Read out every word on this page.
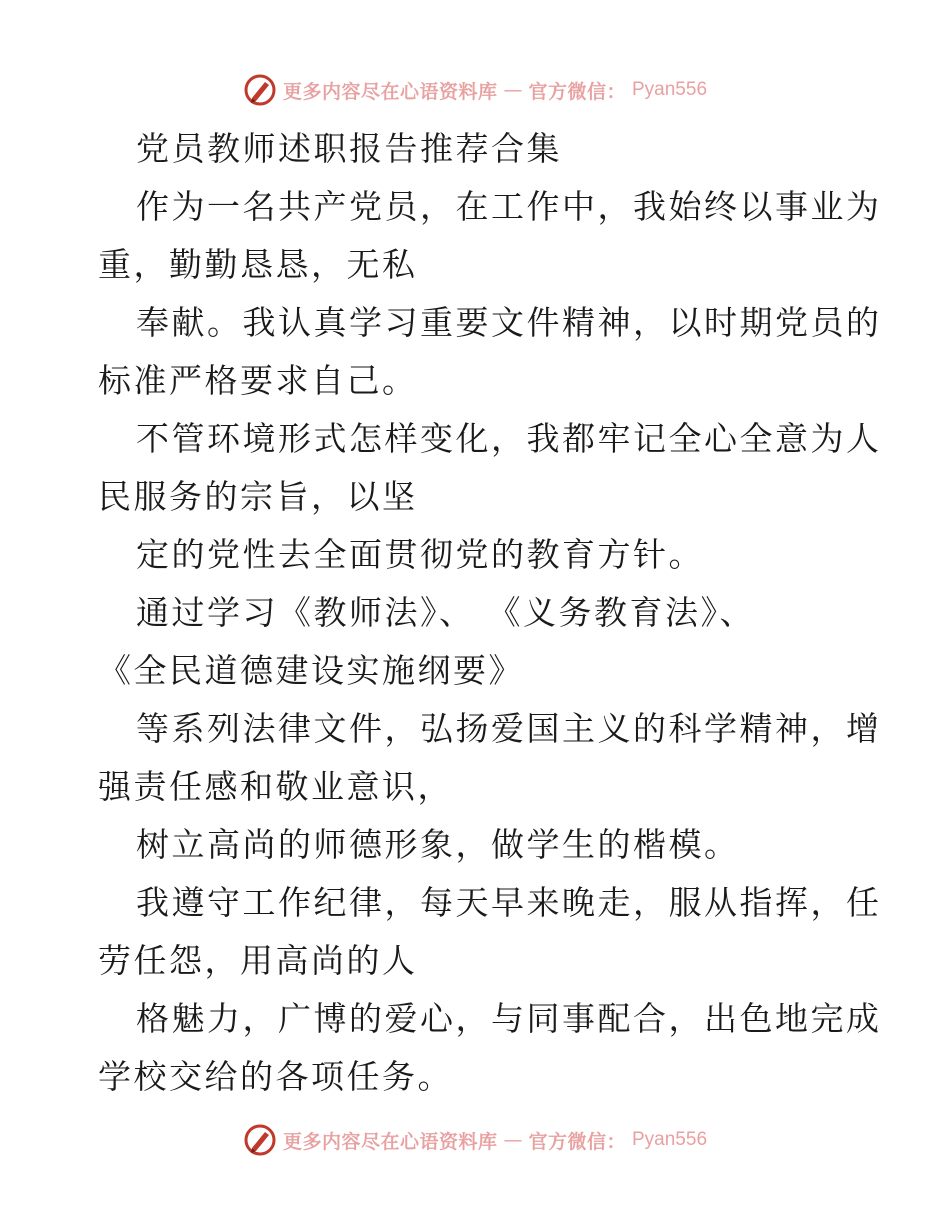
更多内容尽在心语资料库 — 官方微信： Pyan556
党员教师述职报告推荐合集
作为一名共产党员，在工作中，我始终以事业为
重，勤勤恳恳，无私
奉献。我认真学习重要文件精神，以时期党员的
标准严格要求自己。
不管环境形式怎样变化，我都牢记全心全意为人
民服务的宗旨，以坚
定的党性去全面贯彻党的教育方针。
通过学习《教师法》、 《义务教育法》、
《全民道德建设实施纲要》
等系列法律文件，弘扬爱国主义的科学精神，增
强责任感和敬业意识，
树立高尚的师德形象，做学生的楷模。
我遵守工作纪律，每天早来晚走，服从指挥，任
劳任怨，用高尚的人
格魅力，广博的爱心，与同事配合，出色地完成
学校交给的各项任务。
更多内容尽在心语资料库 — 官方微信： Pyan556
